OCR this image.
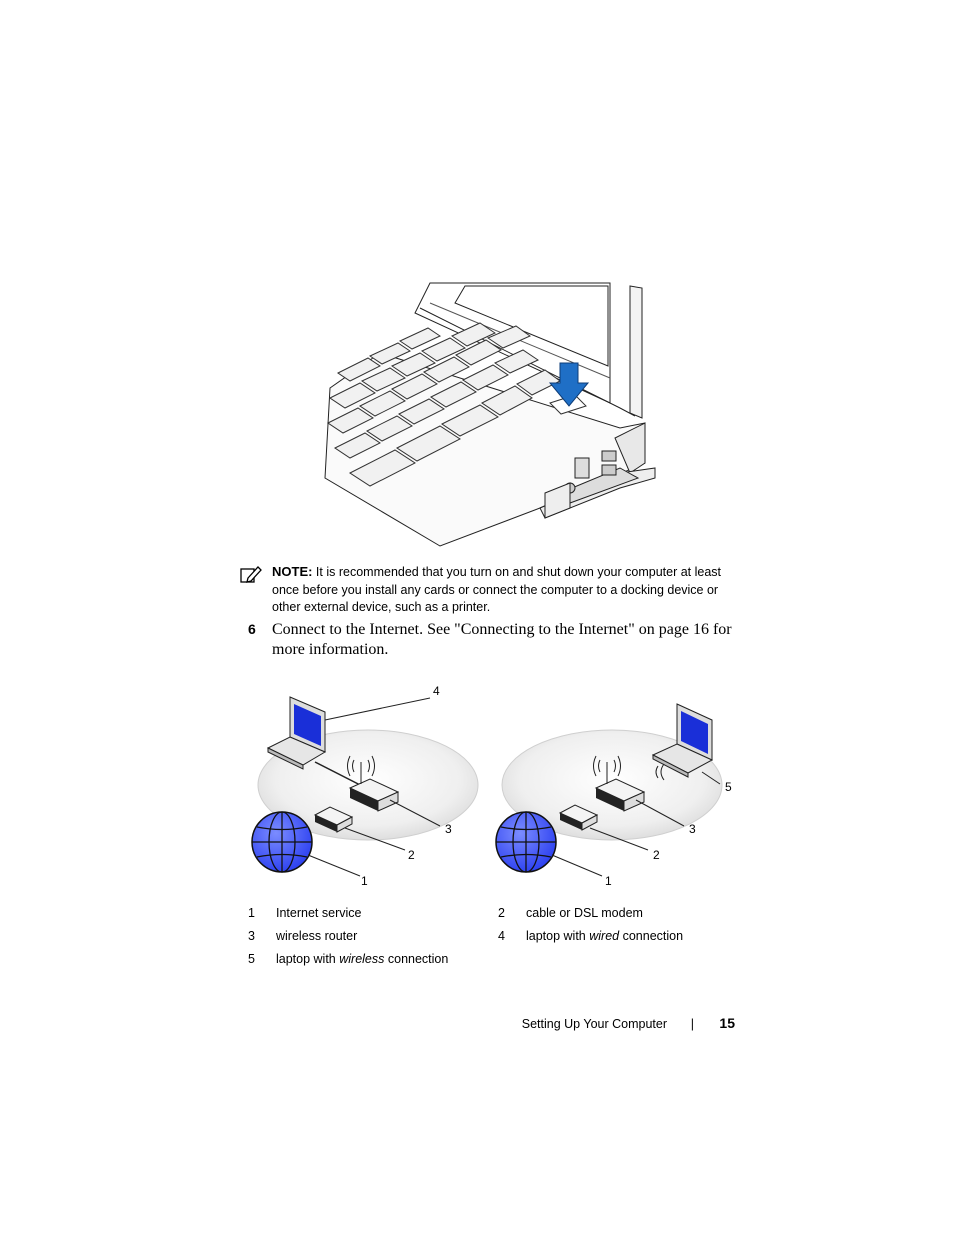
NOTE: It is recommended that you turn on and shut down your computer at least once before you install any cards or connect the computer to a docking device or other external device, such as a printer.
6 Connect to the Internet. See "Connecting to the Internet" on page 16 for more information.
4
3
2
1
5
3
2
1
1 Internet service	2 cable or DSL modem
3 wireless router	4 laptop with wired connection
5 laptop with wireless connection
Setting Up Your Computer | 15
